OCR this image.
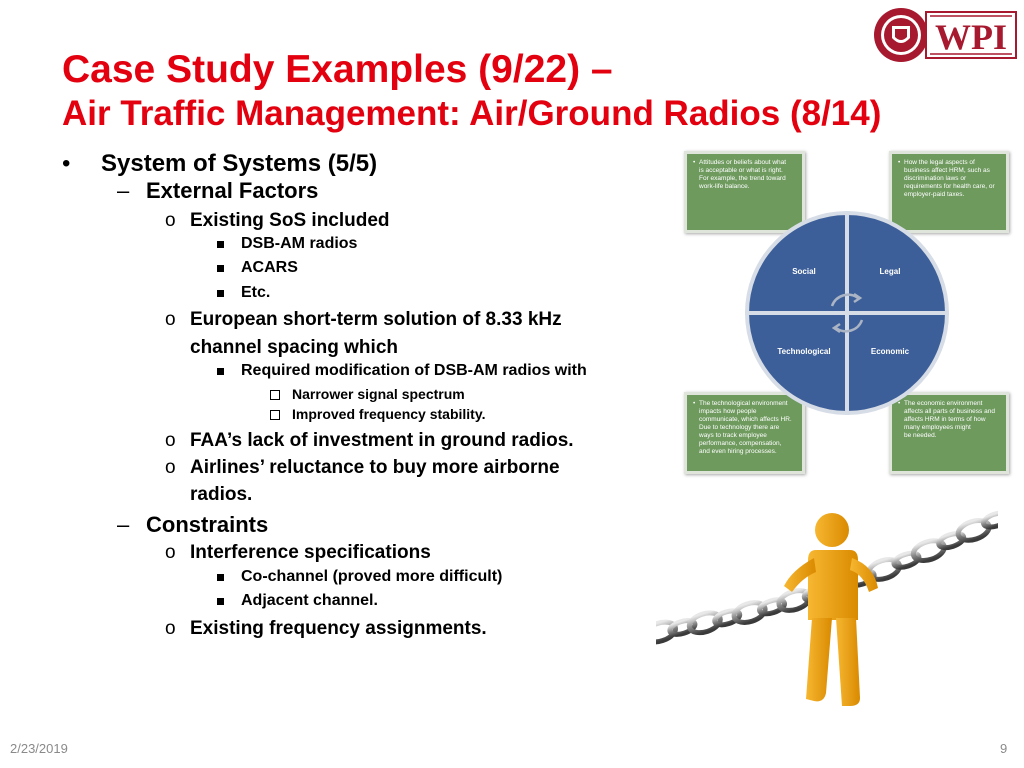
WPI
Case Study Examples (9/22) –
Air Traffic Management: Air/Ground Radios (8/14)
System of Systems (5/5)
•
External Factors
–
Existing SoS included
o
DSB-AM radios
ACARS
Etc.
European short-term solution of 8.33 kHz
o
channel spacing which
Required modification of DSB-AM radios with
Narrower signal spectrum
Improved frequency stability.
FAA’s lack of investment in ground radios.
o
Airlines’ reluctance to buy more airborne
o
radios.
Constraints
–
Interference specifications
o
Co-channel (proved more difficult)
Adjacent channel.
Existing frequency assignments.
o
• Attitudes or beliefs about what
is acceptable or what is right.
For example, the trend toward
work-life balance.
• How the legal aspects of
business affect HRM, such as
discrimination laws or
requirements for health care, or
employer-paid taxes.
• The technological environment
impacts how people
communicate, which affects HR.
Due to technology there are
ways to track employee
performance, compensation,
and even hiring processes.
• The economic environment
affects all parts of business and
affects HRM in terms of how
many employees might
be needed.
Social	Legal
Technological	Economic
2/23/2019	9
